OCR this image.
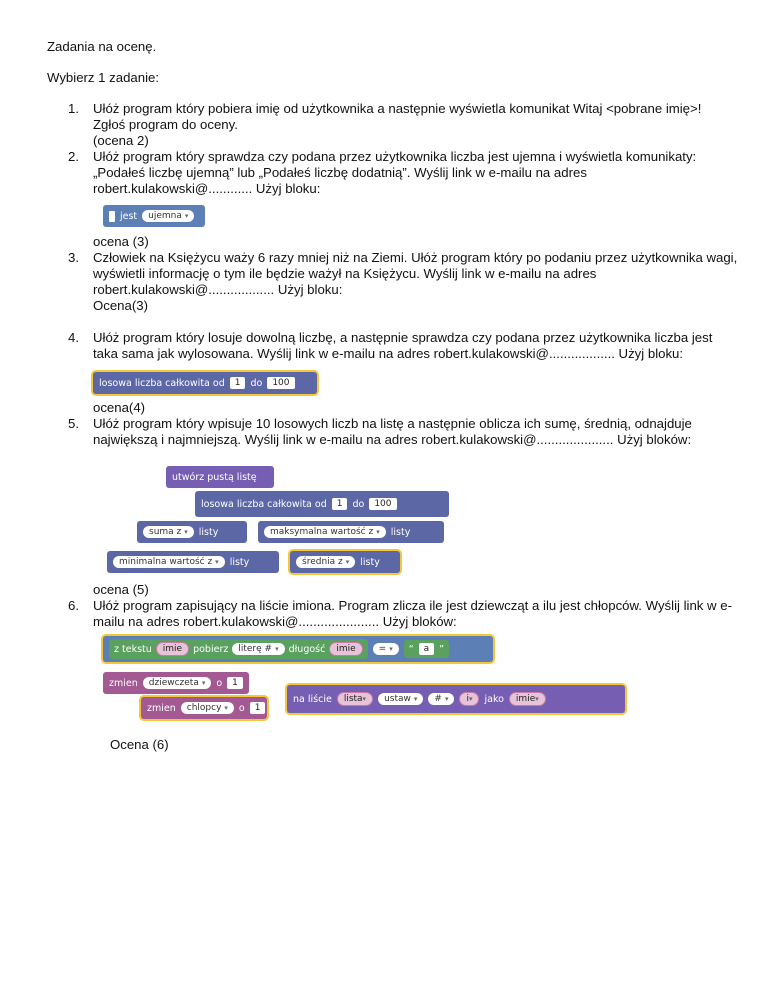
Zadania na ocenę.
Wybierz 1 zadanie:
1. Ułóż program który pobiera imię od użytkownika a następnie wyświetla komunikat Witaj <pobrane imię>!
Zgłoś program do oceny.
(ocena 2)
2. Ułóż program który sprawdza czy podana przez użytkownika liczba jest ujemna i wyświetla komunikaty:
„Podałeś liczbę ujemną” lub „Podałeś liczbę dodatnią”. Wyślij link w e-mailu na adres
robert.kulakowski@............ Użyj bloku:
jest ujemna
▾
ocena (3)
3. Człowiek na Księżycu waży 6 razy mniej niż na Ziemi. Ułóż program który po podaniu przez użytkownika wagi,
wyświetli informację o tym ile będzie ważył na Księżycu. Wyślij link w e-mailu na adres
robert.kulakowski@.................. Użyj bloku:
Ocena(3)
4. Ułóż program który losuje dowolną liczbę, a następnie sprawdza czy podana przez użytkownika liczba jest
taka sama jak wylosowana. Wyślij link w e-mailu na adres robert.kulakowski@.................. Użyj bloku:
losowa liczba całkowita od	1	do	100
ocena(4)
5. Ułóż program który wpisuje 10 losowych liczb na listę a następnie oblicza ich sumę, średnią, odnajduje
największą i najmniejszą. Wyślij link w e-mailu na adres robert.kulakowski@..................... Użyj bloków:
utwórz pustą listę
losowa liczba całkowita od	1	do	100
suma z
▾ listy	maksymalna wartość z
▾ listy
minimalna wartość z
▾ listy	średnia z
▾ listy
ocena (5)
6. Ułóż program zapisujący na liście imiona. Program zlicza ile jest dziewcząt a ilu jest chłopców. Wyślij link w e-
mailu na adres robert.kulakowski@...................... Użyj bloków:
z tekstu	imie	pobierz literę #
▾ długość	imie	=
▾ “	a	”
zmien dziewczeta
▾ o	1
zmien chlopcy
▾ o	1
na liście	lista ▾	ustaw
▾	#
▾	i ▾	jako	imie ▾
Ocena (6)
